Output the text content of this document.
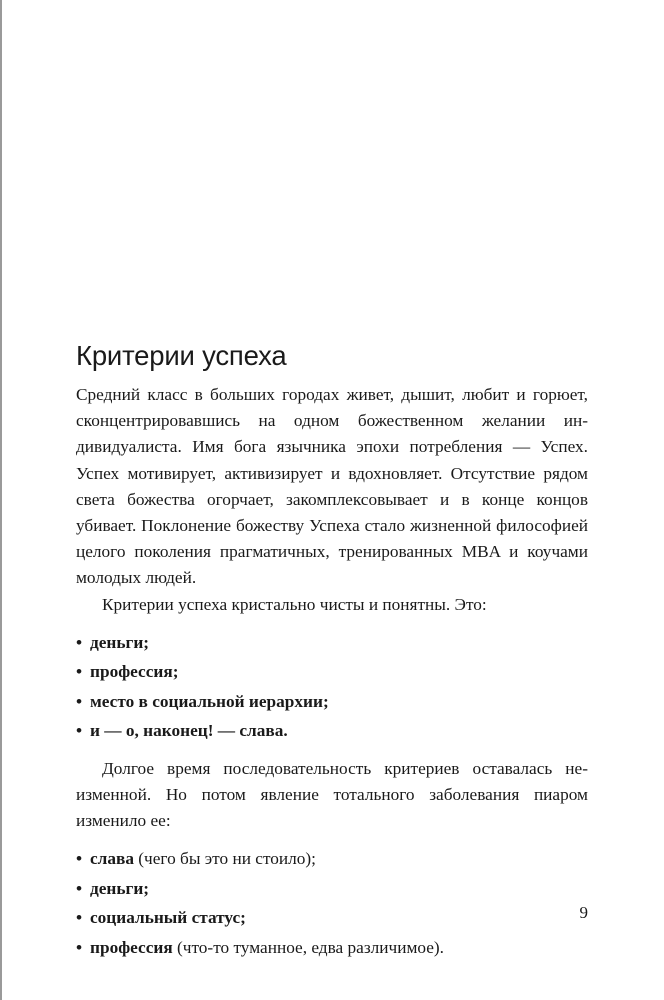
Критерии успеха

Средний класс в больших городах живет, дышит, любит и горюет, сконцентрировавшись на одном божественном желании индивидуалиста. Имя бога язычника эпохи потребления — Успех. Успех мотивирует, активизирует и вдохновляет. Отсутствие рядом света божества огорчает, закомплексовывает и в конце концов убивает. Поклонение божеству Успеха стало жизненной философией целого поколения прагматичных, тренированных MBA и коучами молодых людей.

Критерии успеха кристально чисты и понятны. Это:

• деньги;
• профессия;
• место в социальной иерархии;
• и — о, наконец! — слава.

Долгое время последовательность критериев оставалась неизменной. Но потом явление тотального заболевания пиаром изменило ее:

• слава (чего бы это ни стоило);
• деньги;
• социальный статус;
• профессия (что-то туманное, едва различимое).
9
